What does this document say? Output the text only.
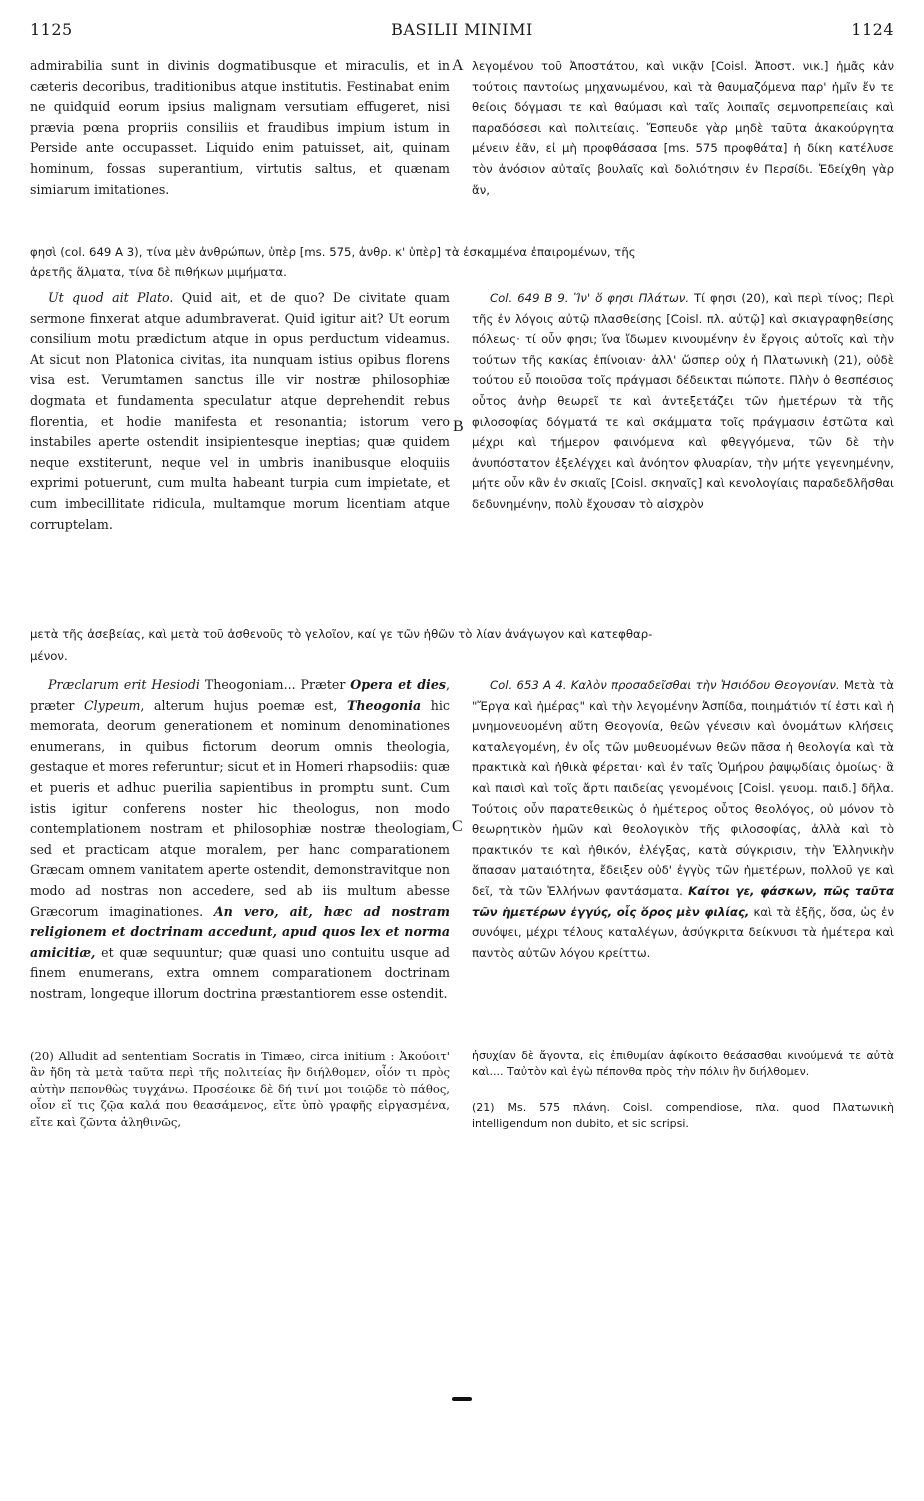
1125	BASILII MINIMI	1124

admirabilia sunt in divinis dogmatibusque et miraculis, et in cæteris decoribus, traditionibus atque institutis. Festinabat enim ne quidquid eorum ipsius malignam versutiam effugeret, nisi prævia pœna propriis consiliis et fraudibus impium istum in Perside ante occupasset. Liquido enim patuisset, ait, quinam hominum, fossas superantium, virtutis saltus, et quænam simiarum imitationes.

A λεγομένου τοῦ Ἀποστάτου, καὶ νικᾷν [Coisl. Ἀποστ. νικ.] ἡμᾶς κἀν τούτοις παντοίως μηχανωμένου, καὶ τὰ θαυμαζόμενα παρ' ἡμῖν ἔν τε θείοις δόγμασι τε καὶ θαύμασι καὶ ταῖς λοιπαῖς σεμνοπρεπείαις καὶ παραδόσεσι καὶ πολιτείαις. Ἔσπευδε γὰρ μηδὲ ταῦτα ἀκακούργητα μένειν ἐᾶν, εἰ μὴ προφθάσασα [ms. 575 προφθάτα] ἡ δίκη κατέλυσε τὸν ἀνόσιον αὐταῖς βουλαῖς καὶ δολιότησιν ἐν Περσίδι. Ἐδείχθη γὰρ ἄν,

φησὶ (col. 649 A 3), τίνα μὲν ἀνθρώπων, ὑπὲρ [ms. 575, ἀνθρ. κ' ὑπὲρ] τὰ ἐσκαμμένα ἐπαιρομένων, τῆς
ἀρετῆς ἅλματα, τίνα δὲ πιθήκων μιμήματα.

Ut quod ait Plato. Quid ait, et de quo? De civitate quam sermone finxerat atque adumbraverat. Quid igitur ait? Ut eorum consilium motu prædictum atque in opus perductum videamus. At sicut non Platonica civitas, ita nunquam istius opibus florens visa est. Verumtamen sanctus ille vir nostræ philosophiæ dogmata et fundamenta speculatur atque deprehendit rebus florentia, et hodie manifesta et resonantia; istorum vero instabiles aperte ostendit insipientesque ineptias; quæ quidem neque exstiterunt, neque vel in umbris inanibusque eloquiis exprimi potuerunt, cum multa habeant turpia cum impietate, et cum imbecillitate ridicula, multamque morum licentiam atque corruptelam.

B

Col. 649 B 9. Ἵν' ὅ φησι Πλάτων. Τί φησι (20), καὶ περὶ τίνος; Περὶ τῆς ἐν λόγοις αὐτῷ πλασθείσης [Coisl. πλ. αὐτῷ] καὶ σκιαγραφηθείσης πόλεως· τί οὖν φησι; ἵνα ἴδωμεν κινουμένην ἐν ἔργοις αὐτοῖς καὶ τὴν τούτων τῆς κακίας ἐπίνοιαν· ἀλλ' ὥσπερ οὐχ ἡ Πλατωνικὴ (21), οὐδὲ τούτου εὖ ποιοῦσα τοῖς πράγμασι δέδεικται πώποτε. Πλὴν ὁ θεσπέσιος οὗτος ἀνὴρ θεωρεῖ τε καὶ ἀντεξετάζει τῶν ἡμετέρων τὰ τῆς φιλοσοφίας δόγματά τε καὶ σκάμματα τοῖς πράγμασιν ἐστῶτα καὶ μέχρι καὶ τήμερον φαινόμενα καὶ φθεγγόμενα, τῶν δὲ τὴν ἀνυπόστατον ἐξελέγχει καὶ ἀνόητον φλυαρίαν, τὴν μήτε γεγενημένην, μήτε οὖν κἂν ἐν σκιαῖς [Coisl. σκηναῖς] καὶ κενολογίαις παραδεδλῆσθαι δεδυνημένην, πολὺ ἔχουσαν τὸ αἰσχρὸν

μετὰ τῆς ἀσεβείας, καὶ μετὰ τοῦ ἀσθενοῦς τὸ γελοῖον, καί γε τῶν ἠθῶν τὸ λίαν ἀνάγωγον καὶ κατεφθαρ-
μένον.

Præclarum erit Hesiodi Theogoniam... Præter Opera et dies, præter Clypeum, alterum hujus poemæ est, Theogonia hic memorata, deorum generationem et nominum denominationes enumerans, in quibus fictorum deorum omnis theologia, gestaque et mores referuntur; sicut et in Homeri rhapsodiis: quæ et pueris et adhuc puerilia sapientibus in promptu sunt. Cum istis igitur conferens noster hic theologus, non modo contemplationem nostram et philosophiæ nostræ theologiam, sed et practicam atque moralem, per hanc comparationem Græcam omnem vanitatem aperte ostendit, demonstravitque non modo ad nostras non accedere, sed ab iis multum abesse Græcorum imaginationes. An vero, ait, hæc ad nostram religionem et doctrinam accedunt, apud quos lex et norma amicitiæ, et quæ sequuntur; quæ quasi uno contuitu usque ad finem enumerans, extra omnem comparationem doctrinam nostram, longeque illorum doctrina præstantiorem esse ostendit.

C

Col. 653 A 4. Καλὸν προσαδεῖσθαι τὴν Ἡσιόδου Θεογονίαν. Μετὰ τὰ "Ἔργα καὶ ἡμέρας" καὶ τὴν λεγομένην Ἀσπίδα, ποιημάτιόν τί ἐστι καὶ ἡ μνημονευομένη αὕτη Θεογονία, θεῶν γένεσιν καὶ ὀνομάτων κλήσεις καταλεγομένη, ἐν οἷς τῶν μυθευομένων θεῶν πᾶσα ἡ θεολογία καὶ τὰ πρακτικὰ καὶ ἠθικὰ φέρεται· καὶ ἐν ταῖς Ὁμήρου ῥαψῳδίαις ὁμοίως· ἃ καὶ παισὶ καὶ τοῖς ἄρτι παιδείας γενομένοις [Coisl. γευομ. παιδ.] δῆλα. Τούτοις οὖν παρατεθεικὼς ὁ ἡμέτερος οὗτος θεολόγος, οὐ μόνον τὸ θεωρητικὸν ἡμῶν καὶ θεολογικὸν τῆς φιλοσοφίας, ἀλλὰ καὶ τὸ πρακτικόν τε καὶ ἠθικόν, ἐλέγξας, κατὰ σύγκρισιν, τὴν Ἑλληνικὴν ἅπασαν ματαιότητα, ἔδειξεν οὐδ' ἐγγὺς τῶν ἡμετέρων, πολλοῦ γε καὶ δεῖ, τὰ τῶν Ἑλλήνων φαντάσματα. Καίτοι γε, φάσκων, πῶς ταῦτα τῶν ἡμετέρων ἐγγύς, οἷς ὅρος μὲν φιλίας, καὶ τὰ ἑξῆς, ὅσα, ὡς ἐν συνόψει, μέχρι τέλους καταλέγων, ἀσύγκριτα δείκνυσι τὰ ἡμέτερα καὶ παντὸς αὐτῶν λόγου κρείττω.

(20) Alludit ad sententiam Socratis in Timæo, circa initium : Ἀκούοιτ' ἂν ἤδη τὰ μετὰ ταῦτα περὶ τῆς πολιτείας ἣν διήλθομεν, οἷόν τι πρὸς αὐτὴν πεπονθὼς τυγχάνω. Προσέοικε δὲ δή τινί μοι τοιῷδε τὸ πάθος, οἷον εἴ τις ζῷα καλά που θεασάμενος, εἴτε ὑπὸ γραφῆς εἰργασμένα, εἴτε καὶ ζῶντα ἀληθινῶς,
ἡσυχίαν δὲ ἄγοντα, εἰς ἐπιθυμίαν ἀφίκοιτο θεάσασθαι κινούμενά τε αὐτὰ καὶ.... Ταὐτὸν καὶ ἐγὼ πέπονθα πρὸς τὴν πόλιν ἣν διήλθομεν.
(21) Ms. 575 πλάνη. Coisl. compendiose, πλα. quod Πλατωνικὴ intelligendum non dubito, et sic scripsi.
